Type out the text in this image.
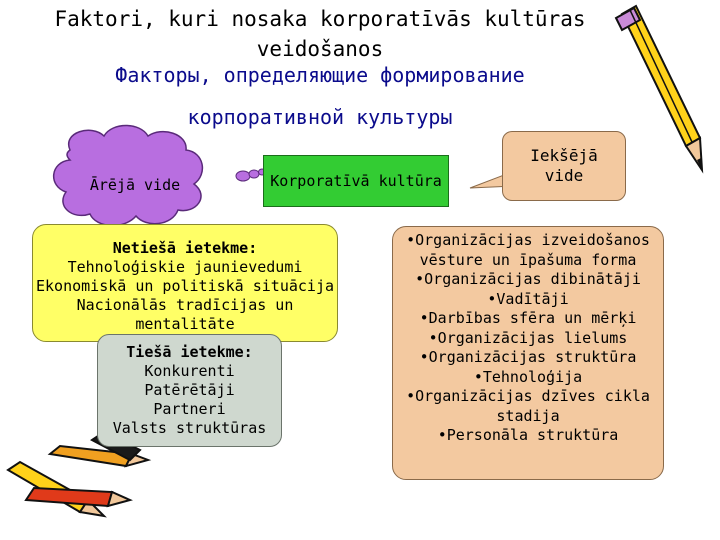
Faktori, kuri nosaka korporatīvās kultūras veidošanos
Факторы, определяющие формирование
корпоративной культуры
Ārējā vide	Korporatīvā kultūra
Iekšējā vide
Netiešā ietekme:
Tehnoloģiskie jaunievedumi
Ekonomiskā un politiskā situācija
Nacionālās tradīcijas un mentalitāte
Tiešā ietekme:
Konkurenti
Patērētāji
Partneri
Valsts struktūras
•Organizācijas izveidošanos
vēsture un īpašuma forma
•Organizācijas dibinātāji
•Vadītāji
•Darbības sfēra un mērķi
•Organizācijas lielums
•Organizācijas struktūra
•Tehnoloģija
•Organizācijas dzīves cikla
stadija
•Personāla struktūra
